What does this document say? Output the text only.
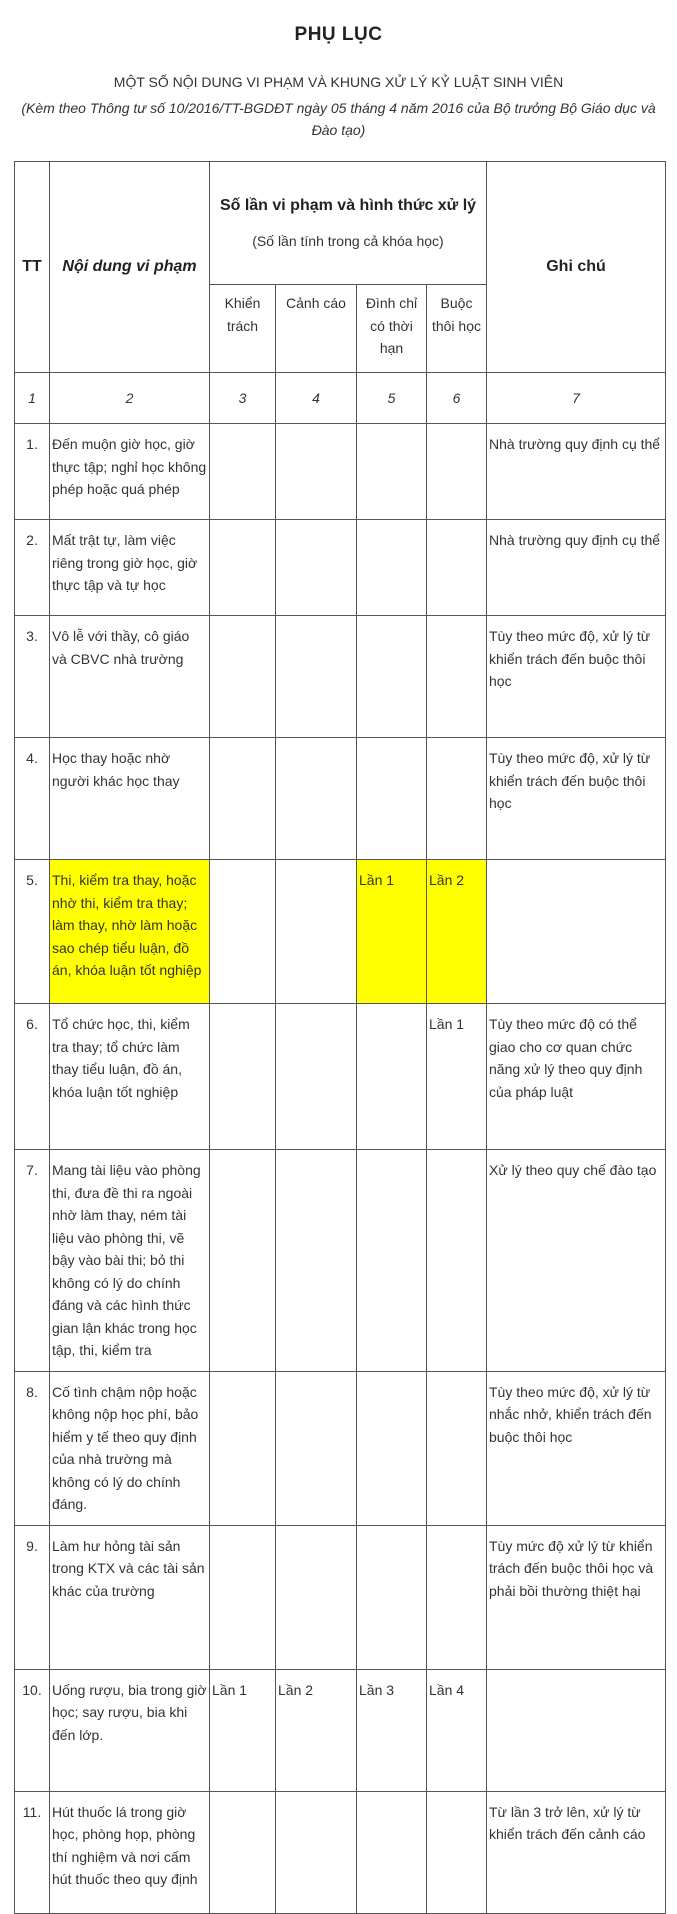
PHỤ LỤC
MỘT SỐ NỘI DUNG VI PHẠM VÀ KHUNG XỬ LÝ KỶ LUẬT SINH VIÊN
(Kèm theo Thông tư số 10/2016/TT-BGDĐT ngày 05 tháng 4 năm 2016 của Bộ trưởng Bộ Giáo dục và Đào tạo)
TT	Nội dung vi phạm	Số lần vi phạm và hình thức xử lý
(Số lần tính trong cả khóa học)				Ghi chú
		Khiển trách	Cảnh cáo	Đình chỉ có thời hạn	Buộc thôi học	
1	2	3	4	5	6	7
1.	Đến muộn giờ học, giờ thực tập; nghỉ học không phép hoặc quá phép					Nhà trường quy định cụ thể
2.	Mất trật tự, làm việc riêng trong giờ học, giờ thực tập và tự học					Nhà trường quy định cụ thể
3.	Vô lễ với thầy, cô giáo và CBVC nhà trường					Tùy theo mức độ, xử lý từ khiển trách đến buộc thôi học
4.	Học thay hoặc nhờ người khác học thay					Tùy theo mức độ, xử lý từ khiển trách đến buộc thôi học
5.	Thi, kiểm tra thay, hoặc nhờ thi, kiểm tra thay; làm thay, nhờ làm hoặc sao chép tiểu luận, đồ án, khóa luận tốt nghiệp			Lần 1	Lần 2	
6.	Tổ chức học, thi, kiểm tra thay; tổ chức làm thay tiểu luận, đồ án, khóa luận tốt nghiệp				Lần 1	Tùy theo mức độ có thể giao cho cơ quan chức năng xử lý theo quy định của pháp luật
7.	Mang tài liệu vào phòng thi, đưa đề thi ra ngoài nhờ làm thay, ném tài liệu vào phòng thi, vẽ bậy vào bài thi; bỏ thi không có lý do chính đáng và các hình thức gian lận khác trong học tập, thi, kiểm tra					Xử lý theo quy chế đào tạo
8.	Cố tình chậm nộp hoặc không nộp học phí, bảo hiểm y tế theo quy định của nhà trường mà không có lý do chính đáng.					Tùy theo mức độ, xử lý từ nhắc nhở, khiển trách đến buộc thôi học
9.	Làm hư hỏng tài sản trong KTX và các tài sản khác của trường					Tùy mức độ xử lý từ khiển trách đến buộc thôi học và phải bồi thường thiệt hại
10.	Uống rượu, bia trong giờ học; say rượu, bia khi đến lớp.	Lần 1	Lần 2	Lần 3	Lần 4	
11.	Hút thuốc lá trong giờ học, phòng họp, phòng thí nghiệm và nơi cấm hút thuốc theo quy định					Từ lần 3 trở lên, xử lý từ khiển trách đến cảnh cáo
